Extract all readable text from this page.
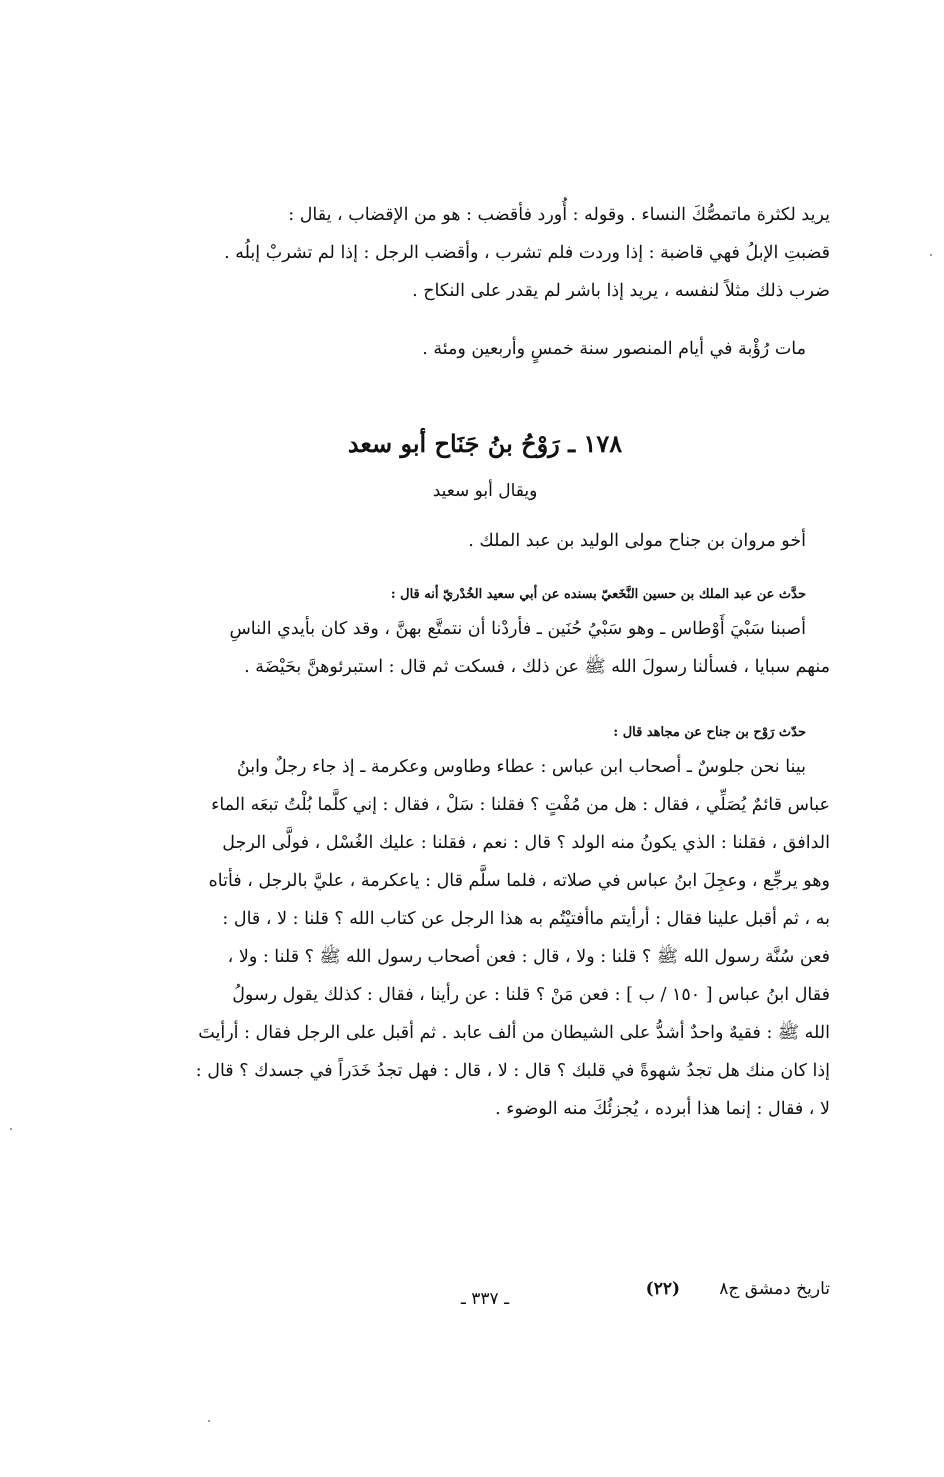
يريد لكثرة ماتمصُّكَ النساء . وقوله : أُورد فأقضب : هو من الإقضاب ، يقال :
قضبتِ الإبلُ فهي قاضبة : إذا وردت فلم تشرب ، وأقضب الرجل : إذا لم تشربْ إبلُه .
ضرب ذلك مثلاً لنفسه ، يريد إذا باشر لم يقدر على النكاح .
مات رُؤْبة في أيام المنصور سنة خمسٍ وأربعين ومئة .
١٧٨ ـ رَوْحُ بنُ جَنَاح أبو سعد
ويقال أبو سعيد
أخو مروان بن جناح مولى الوليد بن عبد الملك .
حدَّث عن عبد الملك بن حسين النَّخَعيّ بسنده عن أبي سعيد الخُدْريّ أنه قال :
أصبنا سَبْيَ أَوْطاس ـ وهو سَبْيُ حُنَين ـ فأردْنا أن نتمتَّع بهنَّ ، وقد كان بأيدي الناسِ
منهم سبايا ، فسألنا رسولَ الله ﷺ عن ذلك ، فسكت ثم قال : استبرئوهنَّ بحَيْضَة .
حدّث رَوْح بن جناح عن مجاهد قال :
بينا نحن جلوسٌ ـ أصحاب ابن عباس : عطاء وطاوس وعكرمة ـ إذ جاء رجلٌ وابنُ
عباس قائمٌ يُصَلِّي ، فقال : هل من مُفْتٍ ؟ فقلنا : سَلْ ، فقال : إني كلَّما بُلْتُ تبعَه الماء
الدافق ، فقلنا : الذي يكونُ منه الولد ؟ قال : نعم ، فقلنا : عليك الغُسْل ، فولَّى الرجل
وهو يرجِّع ، وعجِلَ ابنُ عباس في صلاته ، فلما سلَّم قال : ياعكرمة ، عليَّ بالرجل ، فأتاه
به ، ثم أقبل علينا فقال : أرأيتم ماأفتيْتُم به هذا الرجل عن كتاب الله ؟ قلنا : لا ، قال :
فعن سُنَّة رسول الله ﷺ ؟ قلنا : ولا ، قال : فعن أصحاب رسول الله ﷺ ؟ قلنا : ولا ،
فقال ابنُ عباس [ ١٥٠ / ب ] : فعن مَنْ ؟ قلنا : عن رأينا ، فقال : كذلك يقول رسولُ
الله ﷺ : فقيهٌ واحدٌ أشدُّ على الشيطان من ألف عابد . ثم أقبل على الرجل فقال : أرأيتَ
إذا كان منك هل تجدُ شهوةً في قلبك ؟ قال : لا ، قال : فهل تجدُ خَدَراً في جسدك ؟ قال :
لا ، فقال : إنما هذا أبرده ، يُجزئُكَ منه الوضوء .
تاريخ دمشق ج٨
(٢٢)
ـ ٣٣٧ ـ
